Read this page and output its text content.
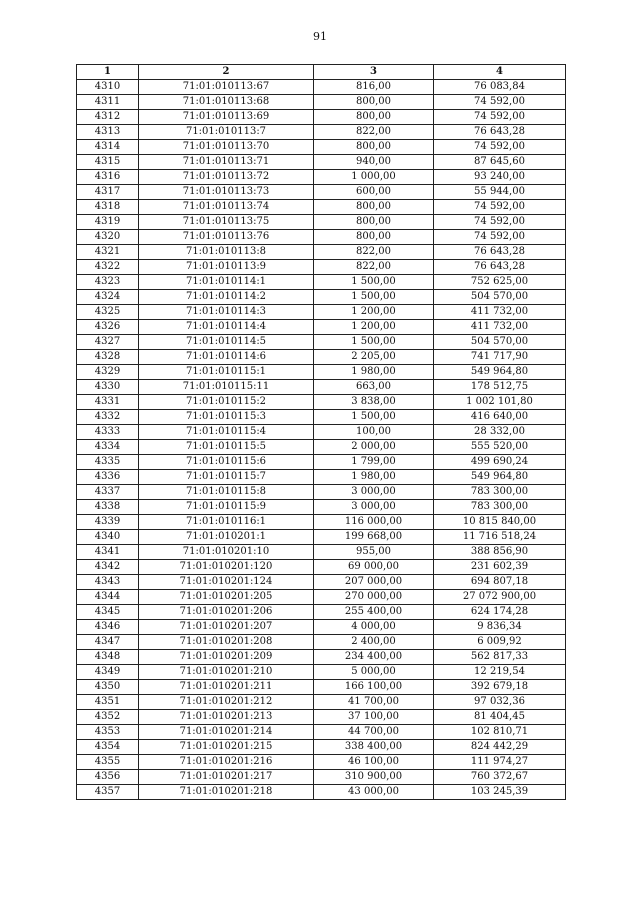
91
1	2	3	4
4310	71:01:010113:67	816,00	76 083,84
4311	71:01:010113:68	800,00	74 592,00
4312	71:01:010113:69	800,00	74 592,00
4313	71:01:010113:7	822,00	76 643,28
4314	71:01:010113:70	800,00	74 592,00
4315	71:01:010113:71	940,00	87 645,60
4316	71:01:010113:72	1 000,00	93 240,00
4317	71:01:010113:73	600,00	55 944,00
4318	71:01:010113:74	800,00	74 592,00
4319	71:01:010113:75	800,00	74 592,00
4320	71:01:010113:76	800,00	74 592,00
4321	71:01:010113:8	822,00	76 643,28
4322	71:01:010113:9	822,00	76 643,28
4323	71:01:010114:1	1 500,00	752 625,00
4324	71:01:010114:2	1 500,00	504 570,00
4325	71:01:010114:3	1 200,00	411 732,00
4326	71:01:010114:4	1 200,00	411 732,00
4327	71:01:010114:5	1 500,00	504 570,00
4328	71:01:010114:6	2 205,00	741 717,90
4329	71:01:010115:1	1 980,00	549 964,80
4330	71:01:010115:11	663,00	178 512,75
4331	71:01:010115:2	3 838,00	1 002 101,80
4332	71:01:010115:3	1 500,00	416 640,00
4333	71:01:010115:4	100,00	28 332,00
4334	71:01:010115:5	2 000,00	555 520,00
4335	71:01:010115:6	1 799,00	499 690,24
4336	71:01:010115:7	1 980,00	549 964,80
4337	71:01:010115:8	3 000,00	783 300,00
4338	71:01:010115:9	3 000,00	783 300,00
4339	71:01:010116:1	116 000,00	10 815 840,00
4340	71:01:010201:1	199 668,00	11 716 518,24
4341	71:01:010201:10	955,00	388 856,90
4342	71:01:010201:120	69 000,00	231 602,39
4343	71:01:010201:124	207 000,00	694 807,18
4344	71:01:010201:205	270 000,00	27 072 900,00
4345	71:01:010201:206	255 400,00	624 174,28
4346	71:01:010201:207	4 000,00	9 836,34
4347	71:01:010201:208	2 400,00	6 009,92
4348	71:01:010201:209	234 400,00	562 817,33
4349	71:01:010201:210	5 000,00	12 219,54
4350	71:01:010201:211	166 100,00	392 679,18
4351	71:01:010201:212	41 700,00	97 032,36
4352	71:01:010201:213	37 100,00	81 404,45
4353	71:01:010201:214	44 700,00	102 810,71
4354	71:01:010201:215	338 400,00	824 442,29
4355	71:01:010201:216	46 100,00	111 974,27
4356	71:01:010201:217	310 900,00	760 372,67
4357	71:01:010201:218	43 000,00	103 245,39
